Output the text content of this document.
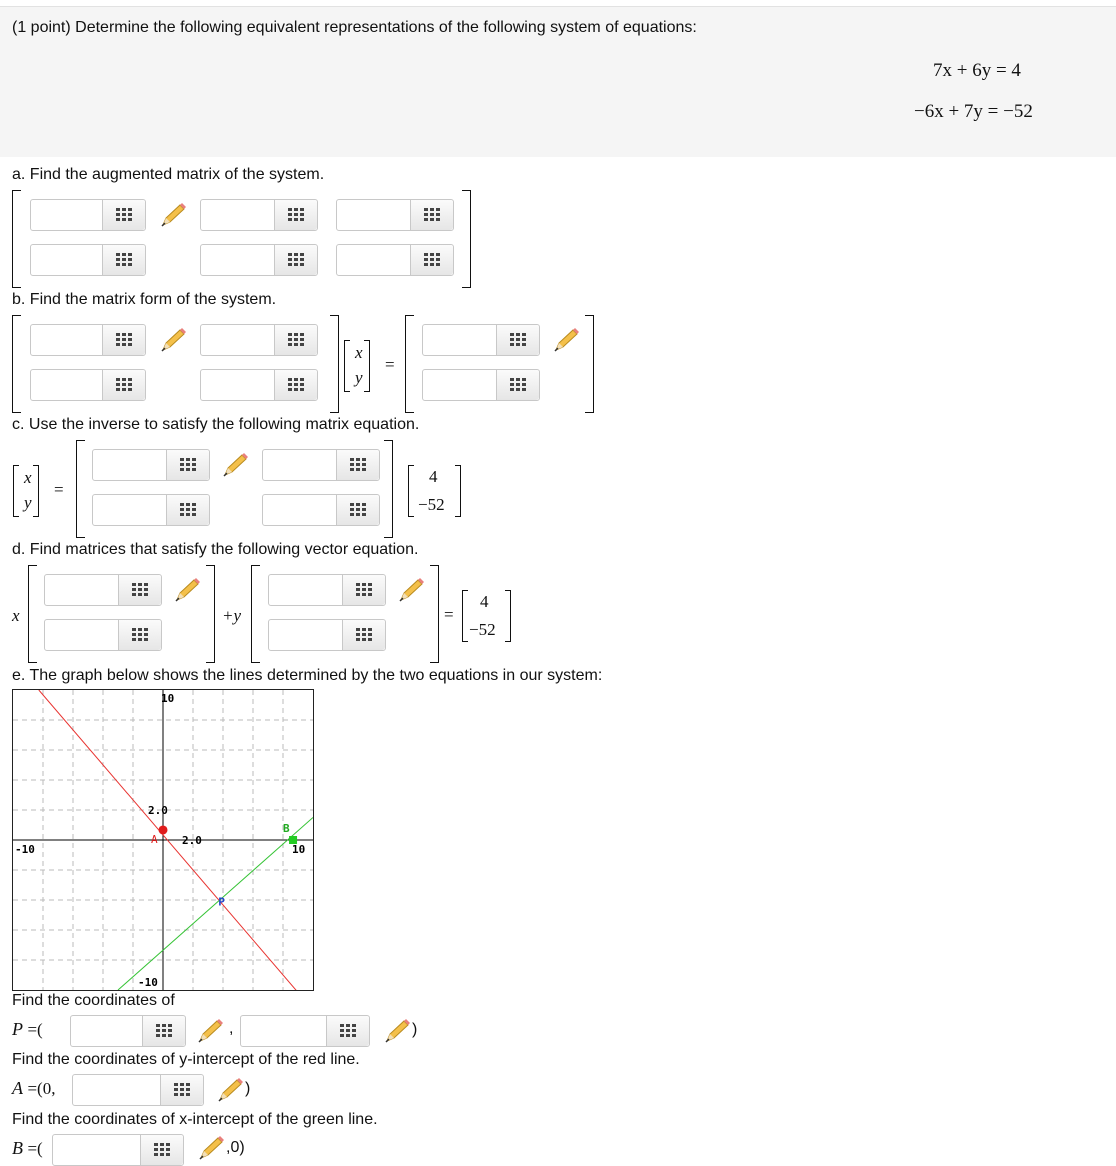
(1 point) Determine the following equivalent representations of the following system of equations:
7x + 6y = 4
−6x + 7y = −52
a. Find the augmented matrix of the system.
b. Find the matrix form of the system.
x
y
=
c. Use the inverse to satisfy the following matrix equation.
x
y
=
4
−52
d. Find matrices that satisfy the following vector equation.
x	+y	=
4
−52
e. The graph below shows the lines determined by the two equations in our system:
A
B
P
10
-10
-10	10
2.0
2.0
Find the coordinates of
P =(	,	)
Find the coordinates of y-intercept of the red line.
A =(0,	)
Find the coordinates of x-intercept of the green line.
B =(	,0)
